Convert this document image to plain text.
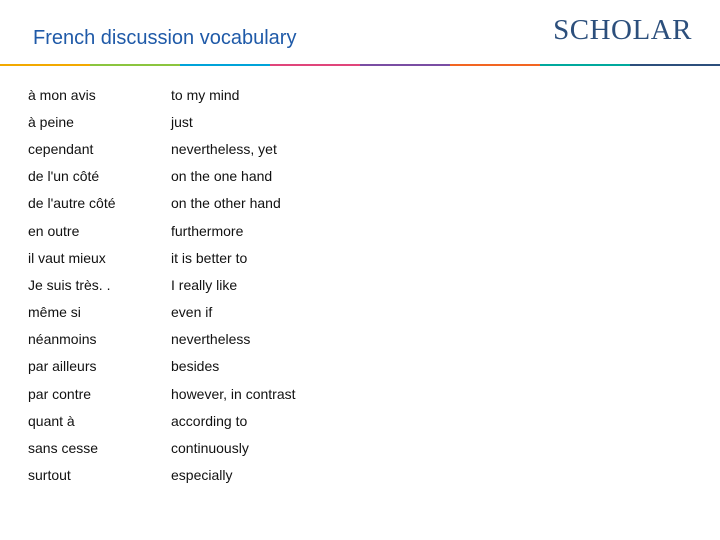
French discussion vocabulary	SCHOLAR
à mon avis	to my mind
à peine	just
cependant	nevertheless, yet
de l'un côté	on the one hand
de l'autre côté	on the other hand
en outre	furthermore
il vaut mieux	it is better to
Je suis très. .	I really like
même si	even if
néanmoins	nevertheless
par ailleurs	besides
par contre	however, in contrast
quant à	according to
sans cesse	continuously
surtout	especially
